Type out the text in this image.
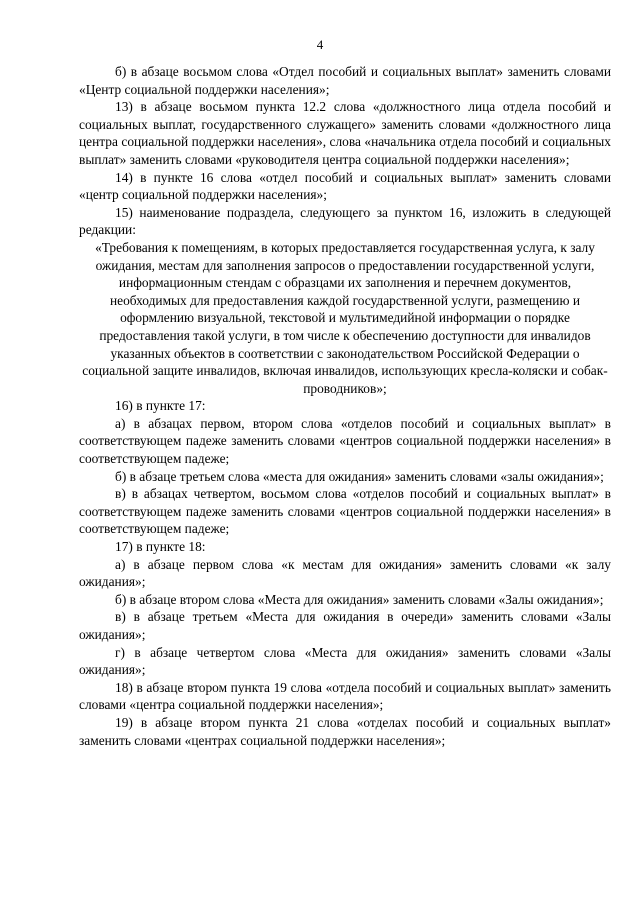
4

б) в абзаце восьмом слова «Отдел пособий и социальных выплат» заменить словами «Центр социальной поддержки населения»;

13) в абзаце восьмом пункта 12.2 слова «должностного лица отдела пособий и социальных выплат, государственного служащего» заменить словами «должностного лица центра социальной поддержки населения», слова «начальника отдела пособий и социальных выплат» заменить словами «руководителя центра социальной поддержки населения»;

14) в пункте 16 слова «отдел пособий и социальных выплат» заменить словами «центр социальной поддержки населения»;

15) наименование подраздела, следующего за пунктом 16, изложить в следующей редакции:

«Требования к помещениям, в которых предоставляется государственная услуга, к залу ожидания, местам для заполнения запросов о предоставлении государственной услуги, информационным стендам с образцами их заполнения и перечнем документов, необходимых для предоставления каждой государственной услуги, размещению и оформлению визуальной, текстовой и мультимедийной информации о порядке предоставления такой услуги, в том числе к обеспечению доступности для инвалидов указанных объектов в соответствии с законодательством Российской Федерации о социальной защите инвалидов, включая инвалидов, использующих кресла-коляски и собак-проводников»;

16) в пункте 17:

а) в абзацах первом, втором слова «отделов пособий и социальных выплат» в соответствующем падеже заменить словами «центров социальной поддержки населения» в соответствующем падеже;

б) в абзаце третьем слова «места для ожидания» заменить словами «залы ожидания»;

в) в абзацах четвертом, восьмом слова «отделов пособий и социальных выплат» в соответствующем падеже заменить словами «центров социальной поддержки населения» в соответствующем падеже;

17) в пункте 18:

а) в абзаце первом слова «к местам для ожидания» заменить словами «к залу ожидания»;

б) в абзаце втором слова «Места для ожидания» заменить словами «Залы ожидания»;

в) в абзаце третьем «Места для ожидания в очереди» заменить словами «Залы ожидания»;

г) в абзаце четвертом слова «Места для ожидания» заменить словами «Залы ожидания»;

18) в абзаце втором пункта 19 слова «отдела пособий и социальных выплат» заменить словами «центра социальной поддержки населения»;

19) в абзаце втором пункта 21 слова «отделах пособий и социальных выплат» заменить словами «центрах социальной поддержки населения»;
